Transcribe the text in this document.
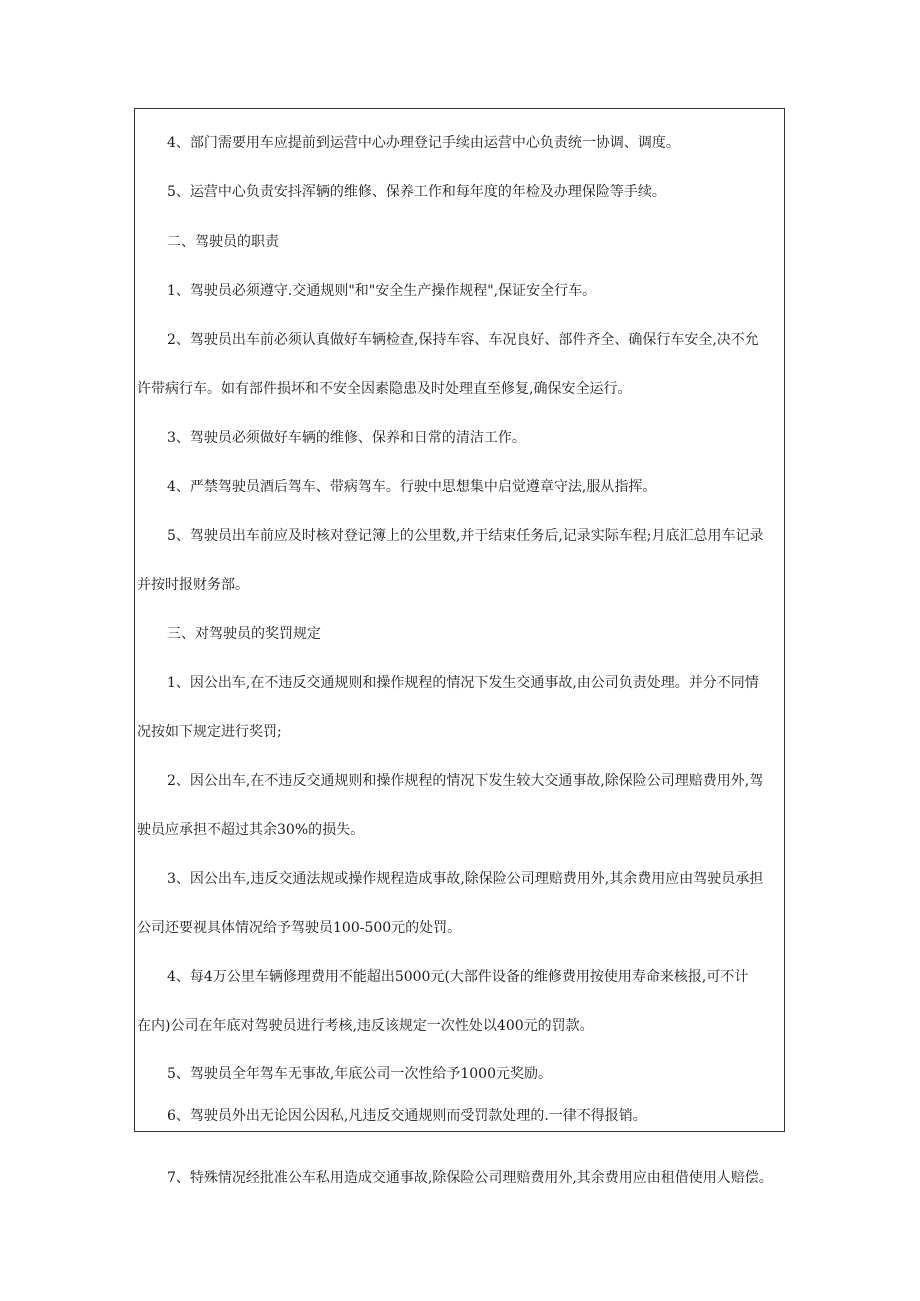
4、部门需要用车应提前到运营中心办理登记手续由运营中心负责统一协调、调度。
5、运营中心负责安抖浑辆的维修、保养工作和每年度的年检及办理保险等手续。
二、驾驶员的职责
1、驾驶员必须遵守.交通规则"和"安全生产操作规程",保证安全行车。
2、驾驶员出车前必须认真做好车辆检查,保持车容、车况良好、部件齐全、确保行车安全,决不允
许带病行车。如有部件损坏和不安全因素隐患及时处理直至修复,确保安全运行。
3、驾驶员必须做好车辆的维修、保养和日常的清洁工作。
4、严禁驾驶员酒后驾车、带病驾车。行驶中思想集中启觉遵章守法,服从指挥。
5、驾驶员出车前应及时核对登记簿上的公里数,并于结束任务后,记录实际车程;月底汇总用车记录
并按时报财务部。
三、对驾驶员的奖罚规定
1、因公出车,在不违反交通规则和操作规程的情况下发生交通事故,由公司负责处理。并分不同情
况按如下规定进行奖罚;
2、因公出车,在不违反交通规则和操作规程的情况下发生较大交通事故,除保险公司理赔费用外,驾
驶员应承担不超过其余30%的损失。
3、因公出车,违反交通法规或操作规程造成事故,除保险公司理赔费用外,其余费用应由驾驶员承担
公司还要视具体情况给予驾驶员100-500元的处罚。
4、每4万公里车辆修理费用不能超出5000元(大部件设备的维修费用按使用寿命来核报,可不计
在内)公司在年底对驾驶员进行考核,违反该规定一次性处以400元的罚款。
5、驾驶员全年驾车无事故,年底公司一次性给予1000元奖励。
6、驾驶员外出无论因公因私,凡违反交通规则而受罚款处理的.一律不得报销。
7、特殊情况经批准公车私用造成交通事故,除保险公司理赔费用外,其余费用应由租借使用人赔偿。
